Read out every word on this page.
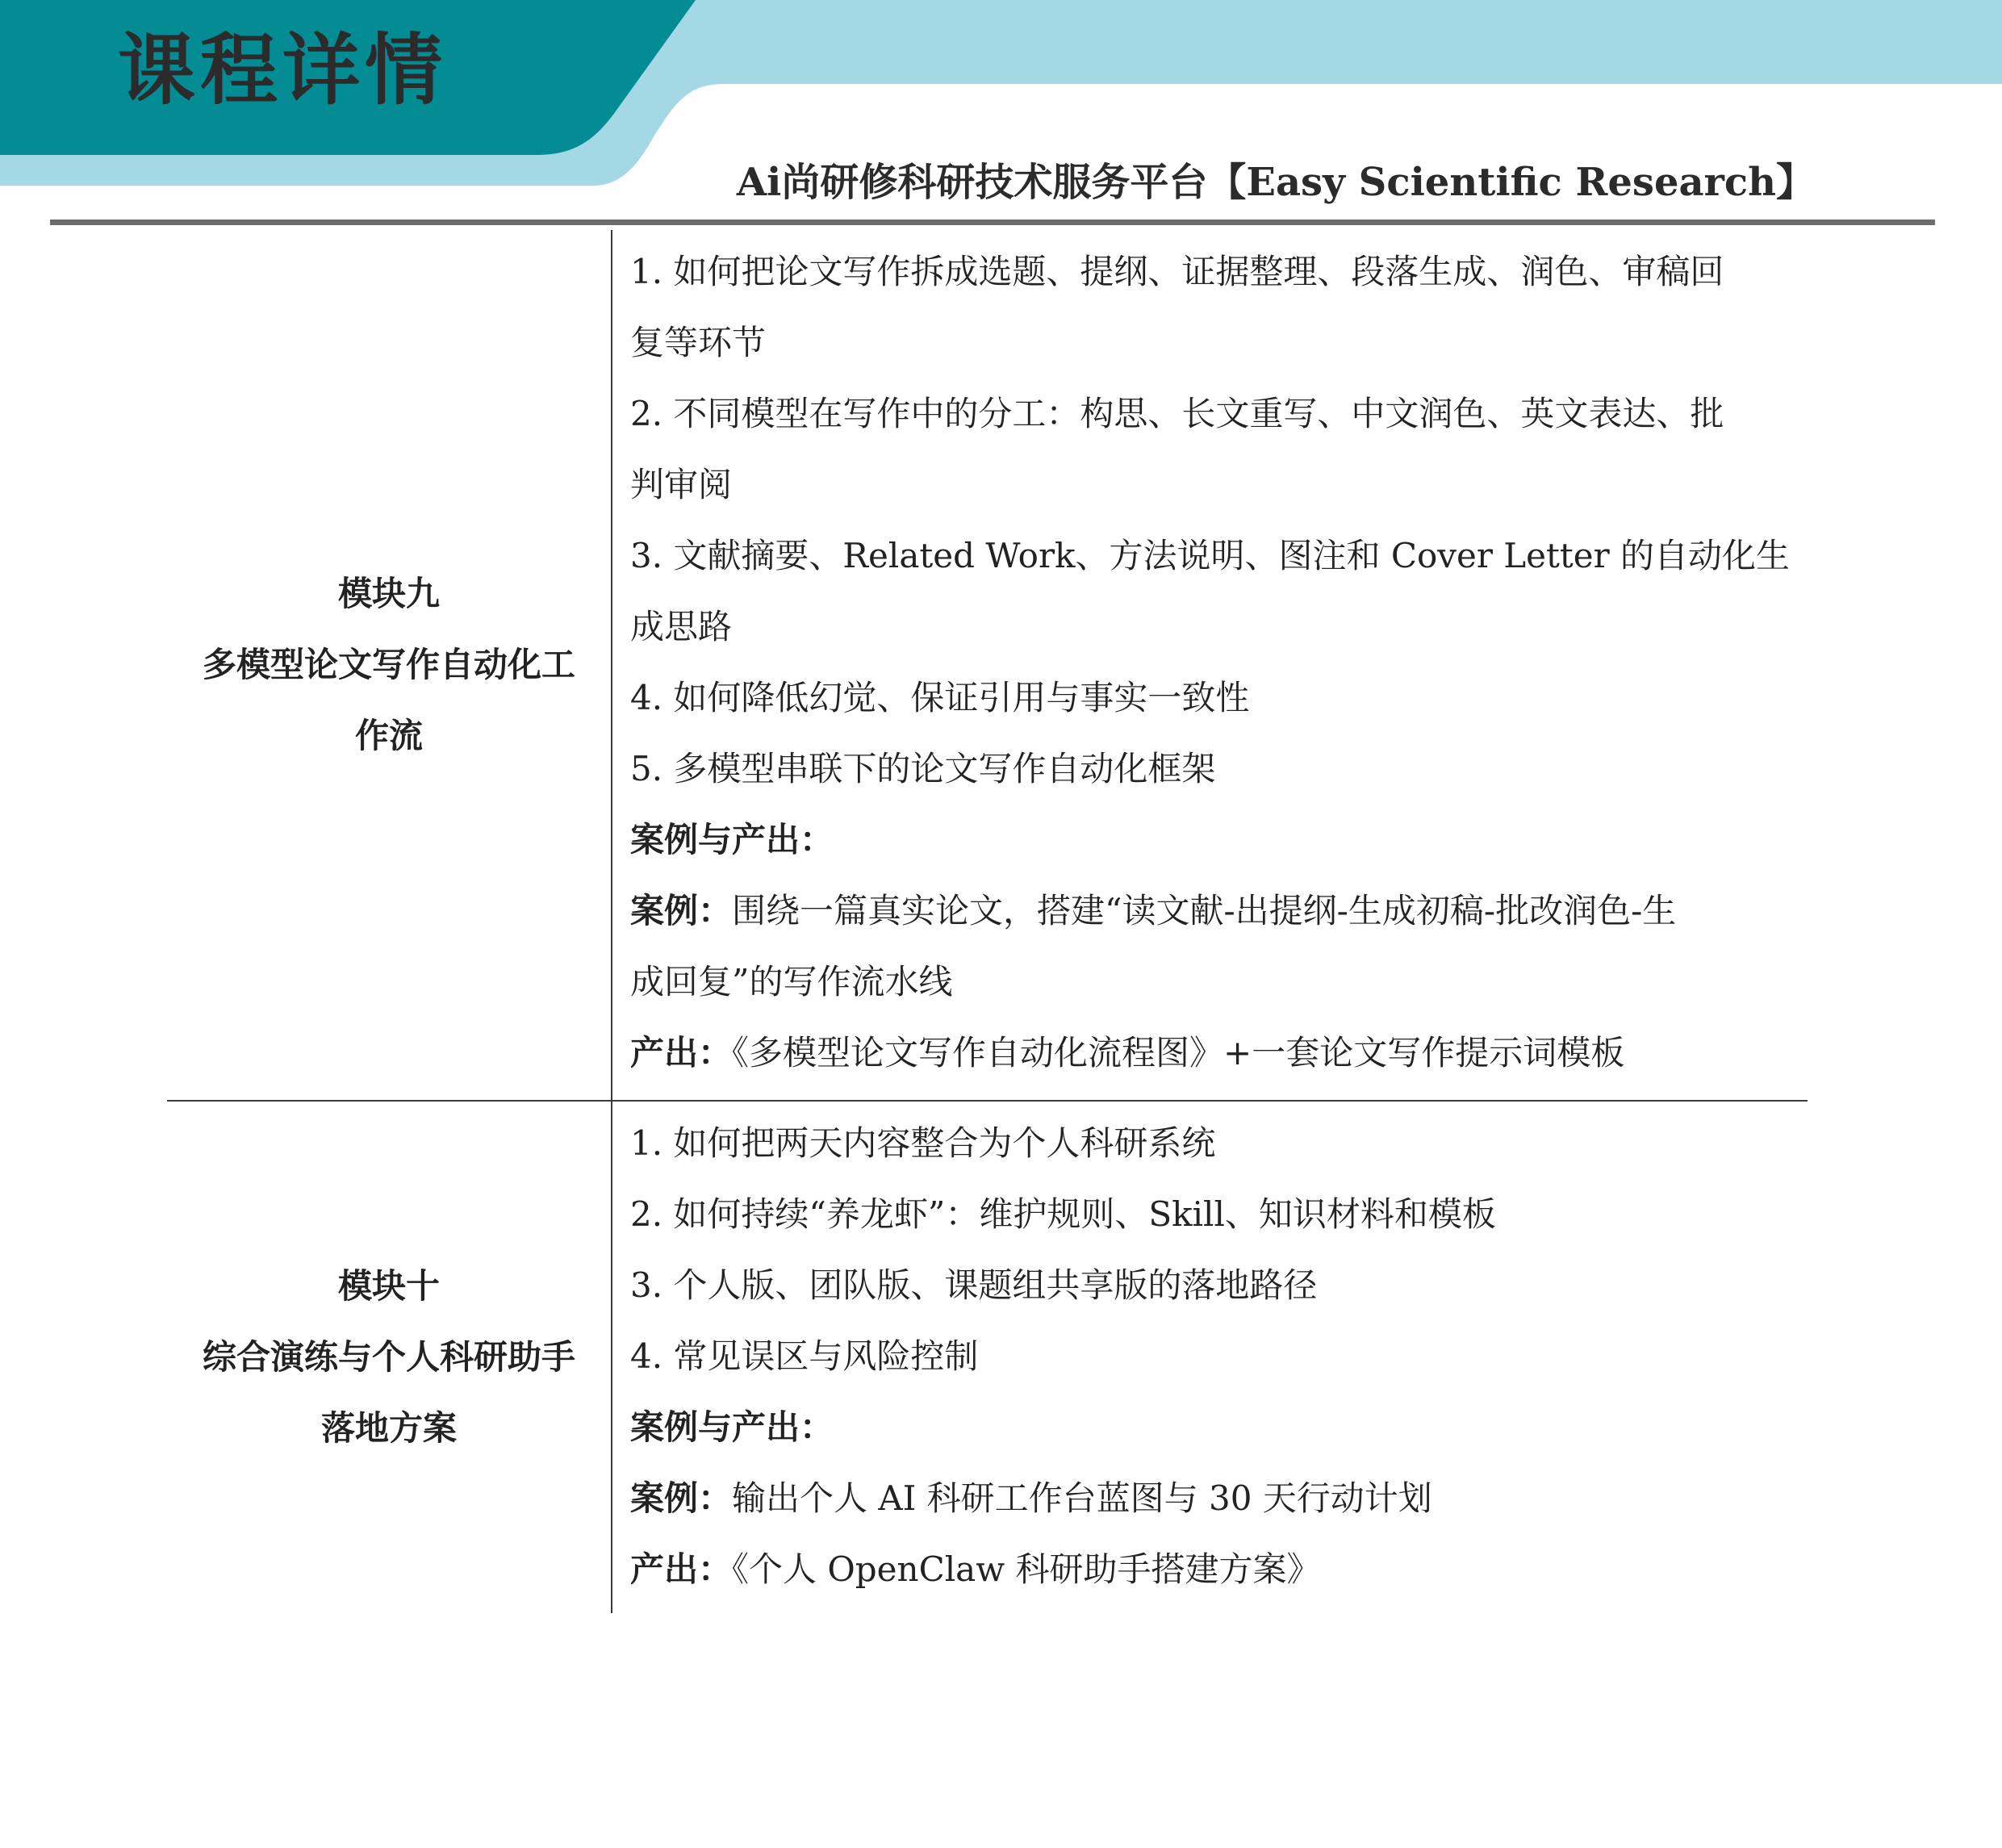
课程详情
Ai尚研修科研技术服务平台【Easy Scientific Research】
模块九
多模型论文写作自动化工
作流

1. 如何把论文写作拆成选题、提纲、证据整理、段落生成、润色、审稿回

复等环节

2. 不同模型在写作中的分工：构思、长文重写、中文润色、英文表达、批

判审阅

3. 文献摘要、Related Work、方法说明、图注和 Cover Letter 的自动化生

成思路

4. 如何降低幻觉、保证引用与事实一致性

5. 多模型串联下的论文写作自动化框架

案例与产出：

案例：围绕一篇真实论文，搭建“读文献-出提纲-生成初稿-批改润色-生

成回复”的写作流水线

产出：《多模型论文写作自动化流程图》+一套论文写作提示词模板

模块十
综合演练与个人科研助手
落地方案

1. 如何把两天内容整合为个人科研系统

2. 如何持续“养龙虾”：维护规则、Skill、知识材料和模板

3. 个人版、团队版、课题组共享版的落地路径

4. 常见误区与风险控制

案例与产出：

案例：输出个人 AI 科研工作台蓝图与 30 天行动计划

产出：《个人 OpenClaw 科研助手搭建方案》
